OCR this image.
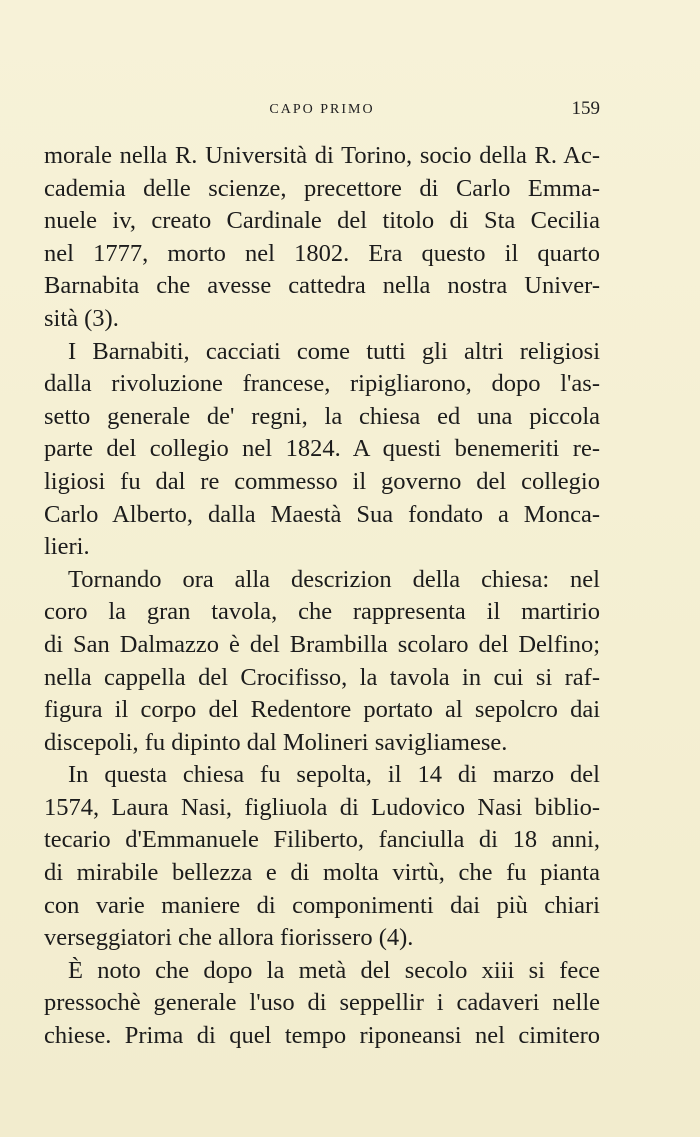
CAPO PRIMO	159
morale nella R. Università di Torino, socio della R. Ac-
cademia delle scienze, precettore di Carlo Emma-
nuele iv, creato Cardinale del titolo di Sta Cecilia
nel 1777, morto nel 1802. Era questo il quarto
Barnabita che avesse cattedra nella nostra Univer-
sità (3).
I Barnabiti, cacciati come tutti gli altri religiosi
dalla rivoluzione francese, ripigliarono, dopo l'as-
setto generale de' regni, la chiesa ed una piccola
parte del collegio nel 1824. A questi benemeriti re-
ligiosi fu dal re commesso il governo del collegio
Carlo Alberto, dalla Maestà Sua fondato a Monca-
lieri.
Tornando ora alla descrizion della chiesa: nel
coro la gran tavola, che rappresenta il martirio
di San Dalmazzo è del Brambilla scolaro del Delfino;
nella cappella del Crocifisso, la tavola in cui si raf-
figura il corpo del Redentore portato al sepolcro dai
discepoli, fu dipinto dal Molineri savigliamese.
In questa chiesa fu sepolta, il 14 di marzo del
1574, Laura Nasi, figliuola di Ludovico Nasi biblio-
tecario d'Emmanuele Filiberto, fanciulla di 18 anni,
di mirabile bellezza e di molta virtù, che fu pianta
con varie maniere di componimenti dai più chiari
verseggiatori che allora fiorissero (4).
È noto che dopo la metà del secolo xiii si fece
pressochè generale l'uso di seppellir i cadaveri nelle
chiese. Prima di quel tempo riponeansi nel cimitero
